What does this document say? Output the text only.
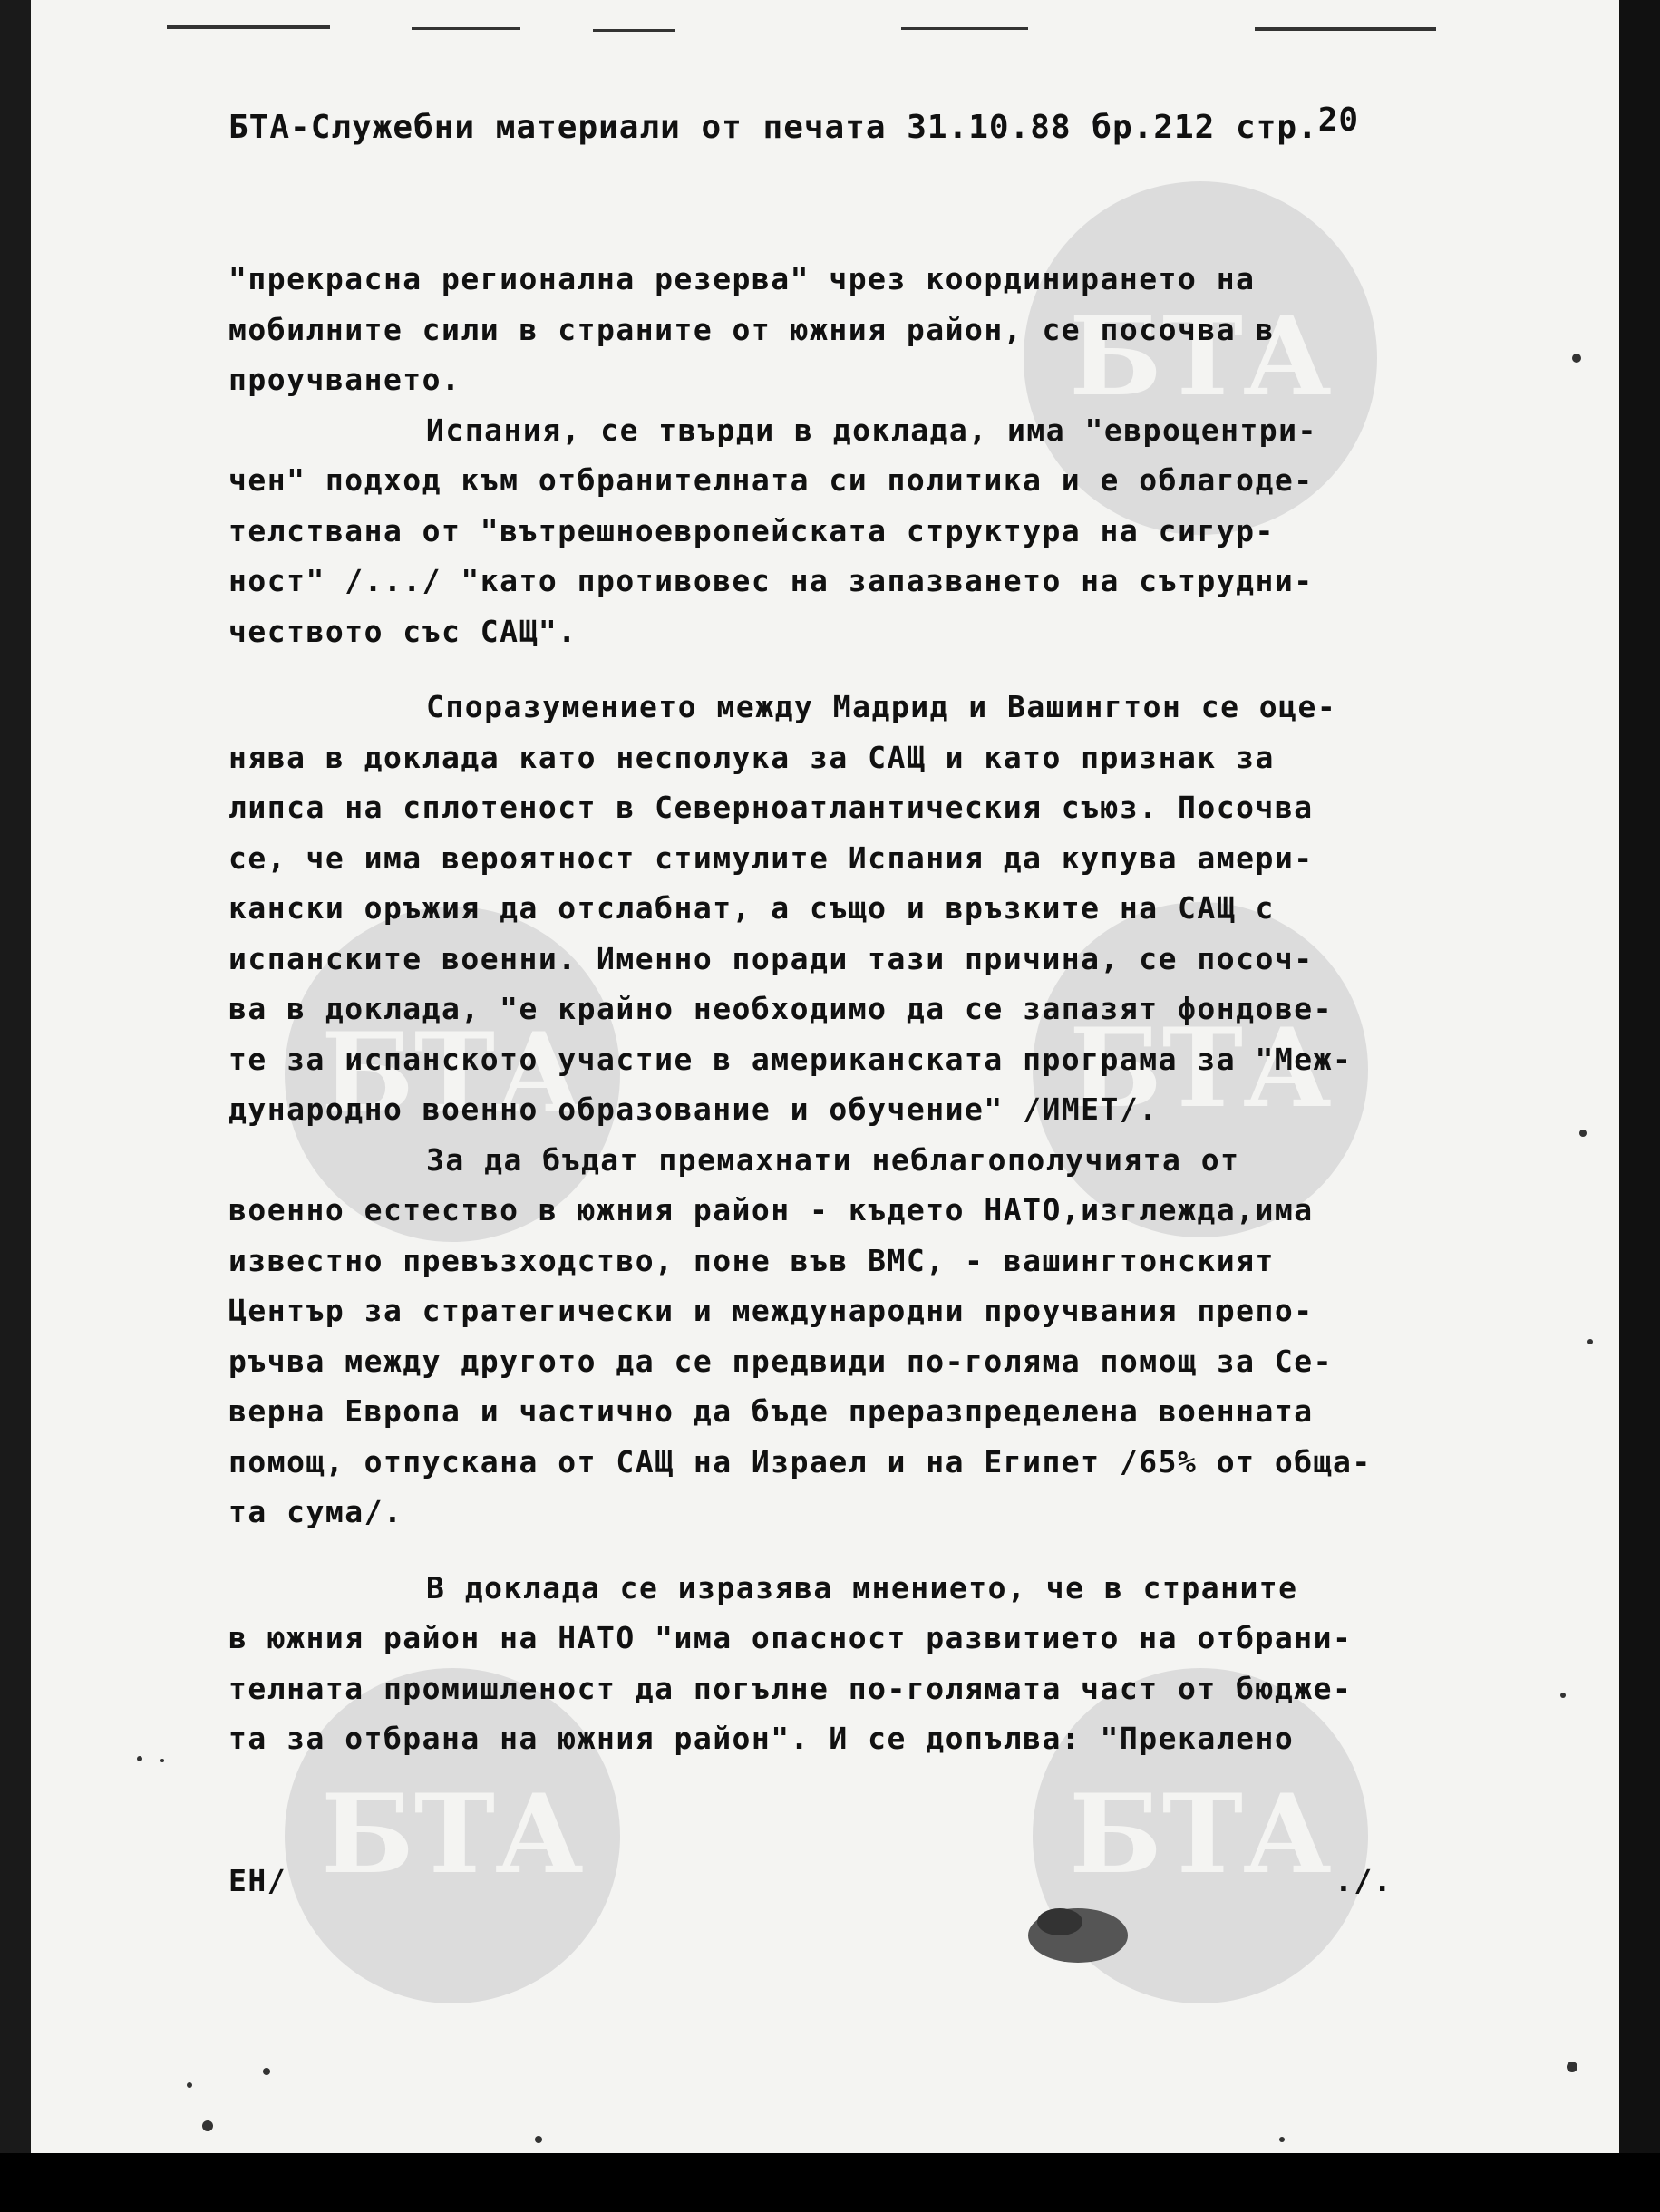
БТА
БТА	БТА
БТА	БТА
БТА-Служебни материали от печата 31.10.88 бр.212 стр.20
"прекрасна регионална резерва" чрез координирането на
мобилните сили в страните от южния район, се посочва в
проучването.
Испания, се твърди в доклада, има "евроцентри-
чен" подход към отбранителната си политика и е облагоде-
телствана от "вътрешноевропейската структура на сигур-
ност" /.../ "като противовес на запазването на сътрудни-
чеството със САЩ".
Споразумението между Мадрид и Вашингтон се оце-
нява в доклада като несполука за САЩ и като признак за
липса на сплотеност в Северноатлантическия съюз. Посочва
се, че има вероятност стимулите Испания да купува амери-
кански оръжия да отслабнат, а също и връзките на САЩ с
испанските военни. Именно поради тази причина, се посоч-
ва в доклада, "е крайно необходимо да се запазят фондове-
те за испанското участие в американската програма за "Меж-
дународно военно образование и обучение" /ИМЕТ/.
За да бъдат премахнати неблагополучията от
военно естество в южния район - където НАТО,изглежда,има
известно превъзходство, поне във ВМС, - вашингтонският
Център за стратегически и международни проучвания препо-
ръчва между другото да се предвиди по-голяма помощ за Се-
верна Европа и частично да бъде преразпределена военната
помощ, отпускана от САЩ на Израел и на Египет /65% от обща-
та сума/.
В доклада се изразява мнението, че в страните
в южния район на НАТО "има опасност развитието на отбрани-
телната промишленост да погълне по-голямата част от бюдже-
та за отбрана на южния район". И се допълва: "Прекалено
ЕН/	./.
